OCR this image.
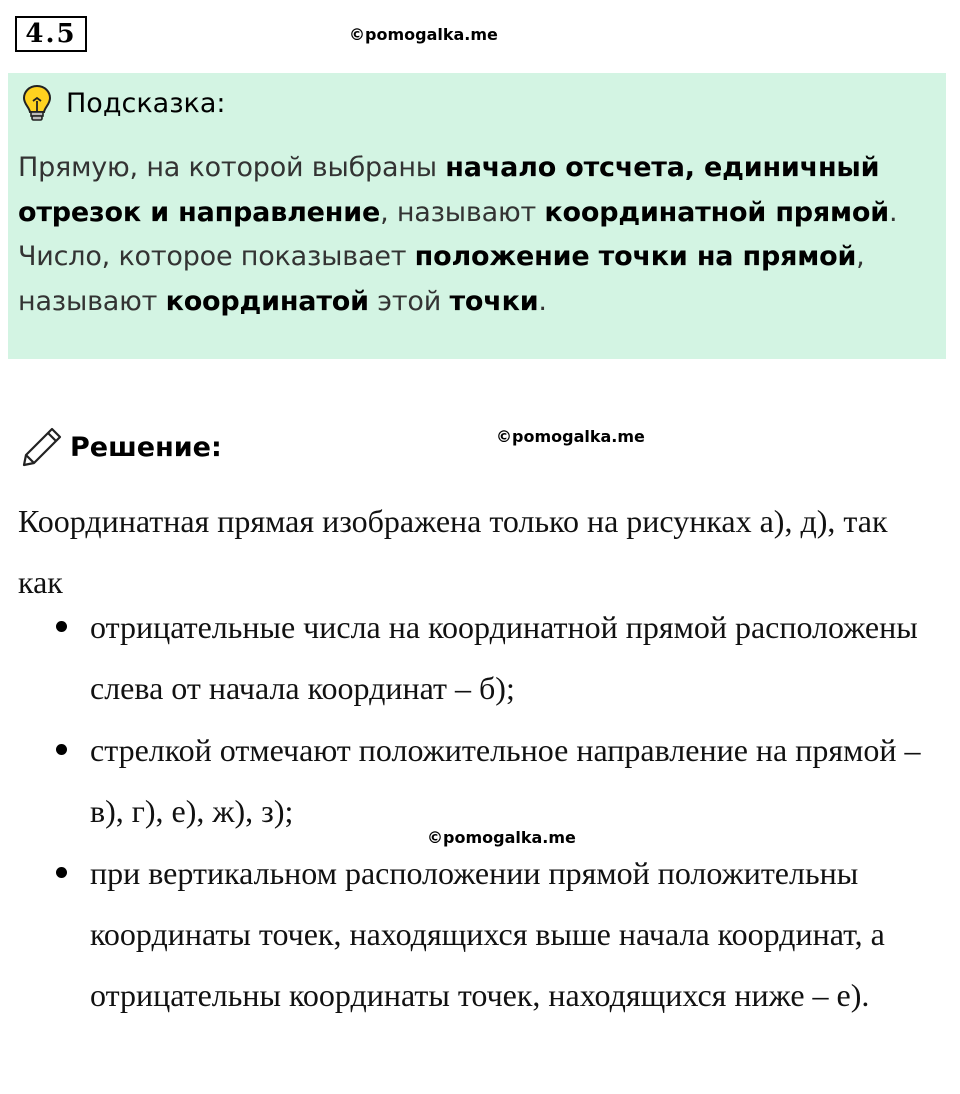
4.5	©pomogalka.me
Подсказка:
Прямую, на которой выбраны начало отсчета, единичный отрезок и направление, называют координатной прямой. Число, которое показывает положение точки на прямой, называют координатой этой точки.
Решение:	©pomogalka.me
Координатная прямая изображена только на рисунках а), д), так как
отрицательные числа на координатной прямой расположены слева от начала координат – б);
стрелкой отмечают положительное направление на прямой – в), г), е), ж), з);
при вертикальном расположении прямой положительны координаты точек, находящихся выше начала координат, а отрицательны координаты точек, находящихся ниже – е).
©pomogalka.me
